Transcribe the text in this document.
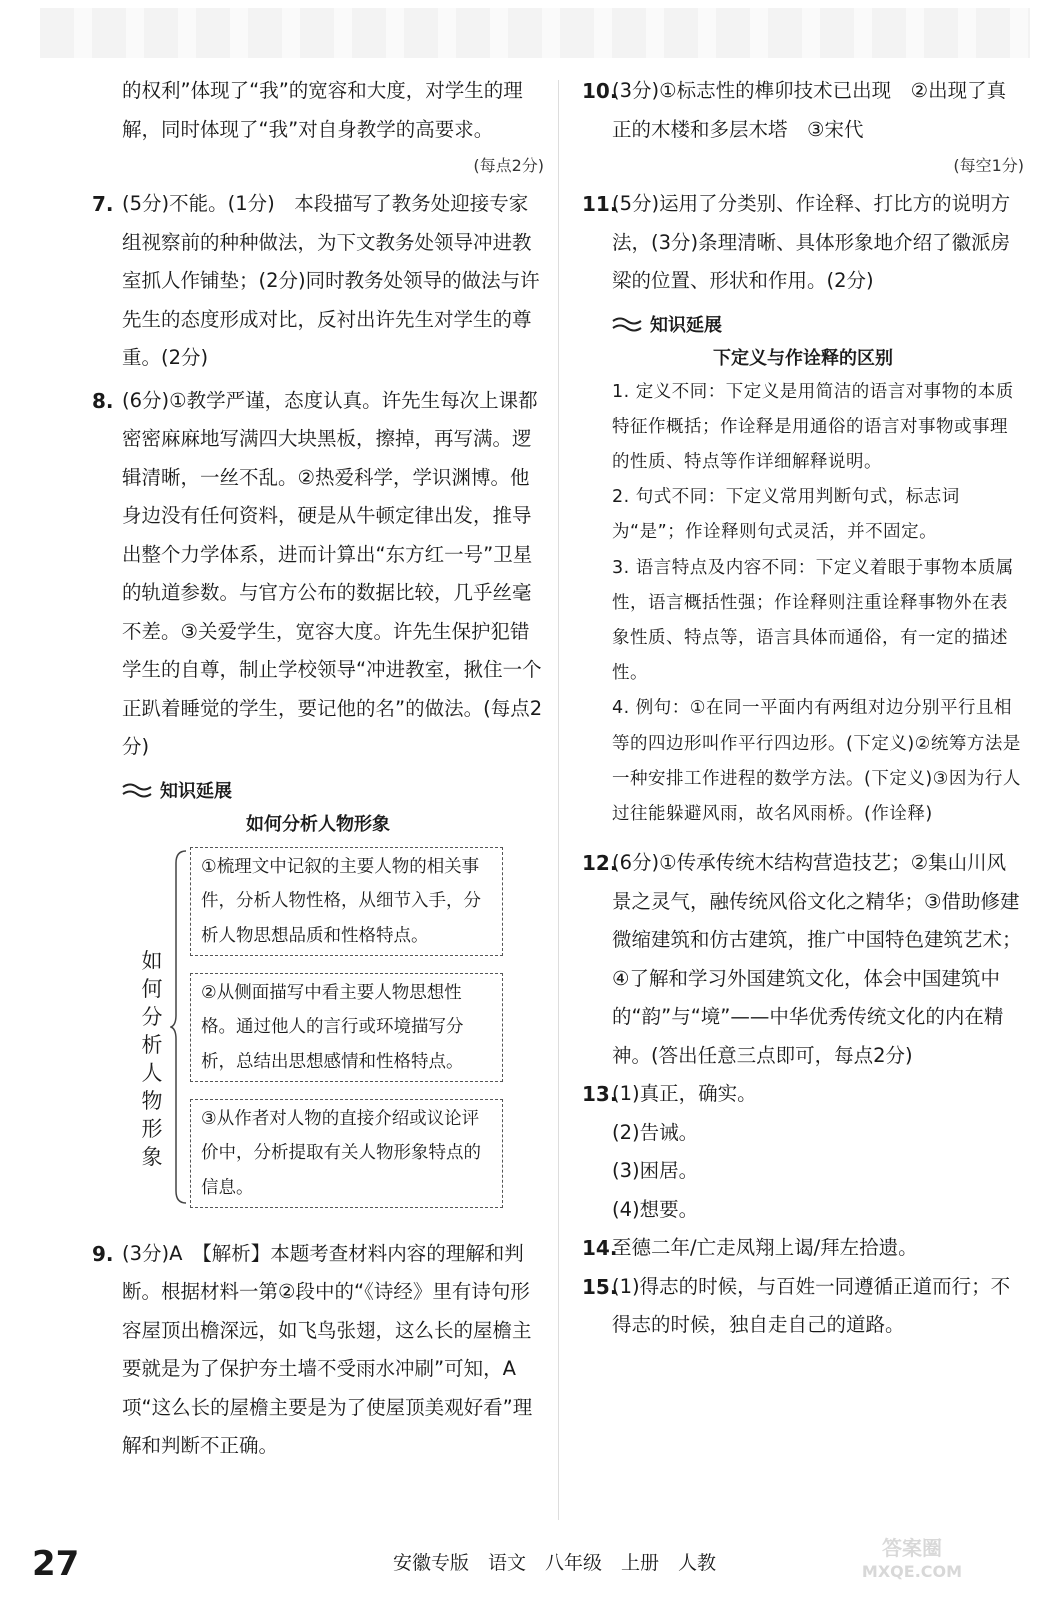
的权利”体现了“我”的宽容和大度，对学生的理解，同时体现了“我”对自身教学的高要求。
(每点2分)
7. (5分)不能。(1分)　本段描写了教务处迎接专家组视察前的种种做法，为下文教务处领导冲进教室抓人作铺垫；(2分)同时教务处领导的做法与许先生的态度形成对比，反衬出许先生对学生的尊重。(2分)
8. (6分)①教学严谨，态度认真。许先生每次上课都密密麻麻地写满四大块黑板，擦掉，再写满。逻辑清晰，一丝不乱。②热爱科学，学识渊博。他身边没有任何资料，硬是从牛顿定律出发，推导出整个力学体系，进而计算出“东方红一号”卫星的轨道参数。与官方公布的数据比较，几乎丝毫不差。③关爱学生，宽容大度。许先生保护犯错学生的自尊，制止学校领导“冲进教室，揪住一个正趴着睡觉的学生，要记他的名”的做法。(每点2分)
知识延展
如何分析人物形象
如何分析人物形象
①梳理文中记叙的主要人物的相关事件，分析人物性格，从细节入手，分析人物思想品质和性格特点。
②从侧面描写中看主要人物思想性格。通过他人的言行或环境描写分析，总结出思想感情和性格特点。
③从作者对人物的直接介绍或议论评价中，分析提取有关人物形象特点的信息。
9. (3分)A　【解析】本题考查材料内容的理解和判断。根据材料一第②段中的“《诗经》里有诗句形容屋顶出檐深远，如飞鸟张翅，这么长的屋檐主要就是为了保护夯土墙不受雨水冲刷”可知，A项“这么长的屋檐主要是为了使屋顶美观好看”理解和判断不正确。
10.
(3分)①标志性的榫卯技术已出现　②出现了真正的木楼和多层木塔　③宋代
(每空1分)
11.
(5分)运用了分类别、作诠释、打比方的说明方法，(3分)条理清晰、具体形象地介绍了徽派房梁的位置、形状和作用。(2分)
知识延展
下定义与作诠释的区别

1. 定义不同：下定义是用简洁的语言对事物的本质特征作概括；作诠释是用通俗的语言对事物或事理的性质、特点等作详细解释说明。

2. 句式不同：下定义常用判断句式，标志词为“是”；作诠释则句式灵活，并不固定。

3. 语言特点及内容不同：下定义着眼于事物本质属性，语言概括性强；作诠释则注重诠释事物外在表象性质、特点等，语言具体而通俗，有一定的描述性。

4. 例句：①在同一平面内有两组对边分别平行且相等的四边形叫作平行四边形。(下定义)②统筹方法是一种安排工作进程的数学方法。(下定义)③因为行人过往能躲避风雨，故名风雨桥。(作诠释)

12.
(6分)①传承传统木结构营造技艺；②集山川风景之灵气，融传统风俗文化之精华；③借助修建微缩建筑和仿古建筑，推广中国特色建筑艺术；④了解和学习外国建筑文化，体会中国建筑中的“韵”与“境”——中华优秀传统文化的内在精神。(答出任意三点即可，每点2分)
13.
(1)真正，确实。
(2)告诫。
(3)困居。
(4)想要。
14.
至德二年/亡走凤翔上谒/拜左拾遗。
15.
(1)得志的时候，与百姓一同遵循正道而行；不得志的时候，独自走自己的道路。
27	安徽专版　语文　八年级　上册　人教
答案圈
MXQE.COM
